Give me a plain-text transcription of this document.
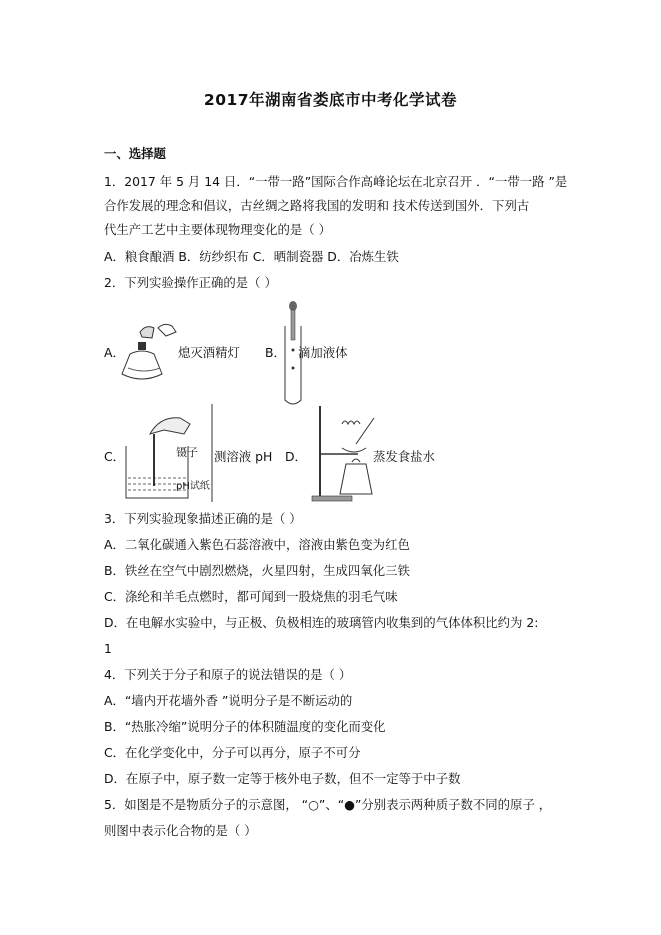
2017年湖南省娄底市中考化学试卷
一、选择题
1．2017 年 5 月 14 日．“一带一路”国际合作高峰论坛在北京召开 ．“一带一路 ”是
合作发展的理念和倡议，古丝绸之路将我国的发明和 技术传送到国外．下列古
代生产工艺中主要体现物理变化的是（ ）
A．粮食酿酒 B．纺纱织布 C．晒制瓷器 D．冶炼生铁
2．下列实验操作正确的是（ ）
A．	熄灭酒精灯 B． 滴加液体
C．	镊子
pH试纸
测溶液 pH D．	蒸发食盐水
3．下列实验现象描述正确的是（ ）
A．二氧化碳通入紫色石蕊溶液中，溶液由紫色变为红色
B．铁丝在空气中剧烈燃烧，火星四射，生成四氧化三铁
C．涤纶和羊毛点燃时，都可闻到一股烧焦的羽毛气味
D．在电解水实验中，与正极、负极相连的玻璃管内收集到的气体体积比约为 2:
1
4．下列关于分子和原子的说法错误的是（ ）
A．“墙内开花墙外香 ”说明分子是不断运动的
B．“热胀冷缩”说明分子的体积随温度的变化而变化
C．在化学变化中，分子可以再分，原子不可分
D．在原子中，原子数一定等于核外电子数，但不一定等于中子数
5．如图是不是物质分子的示意图， “○”、“●”分别表示两种质子数不同的原子 ，
则图中表示化合物的是（ ）
